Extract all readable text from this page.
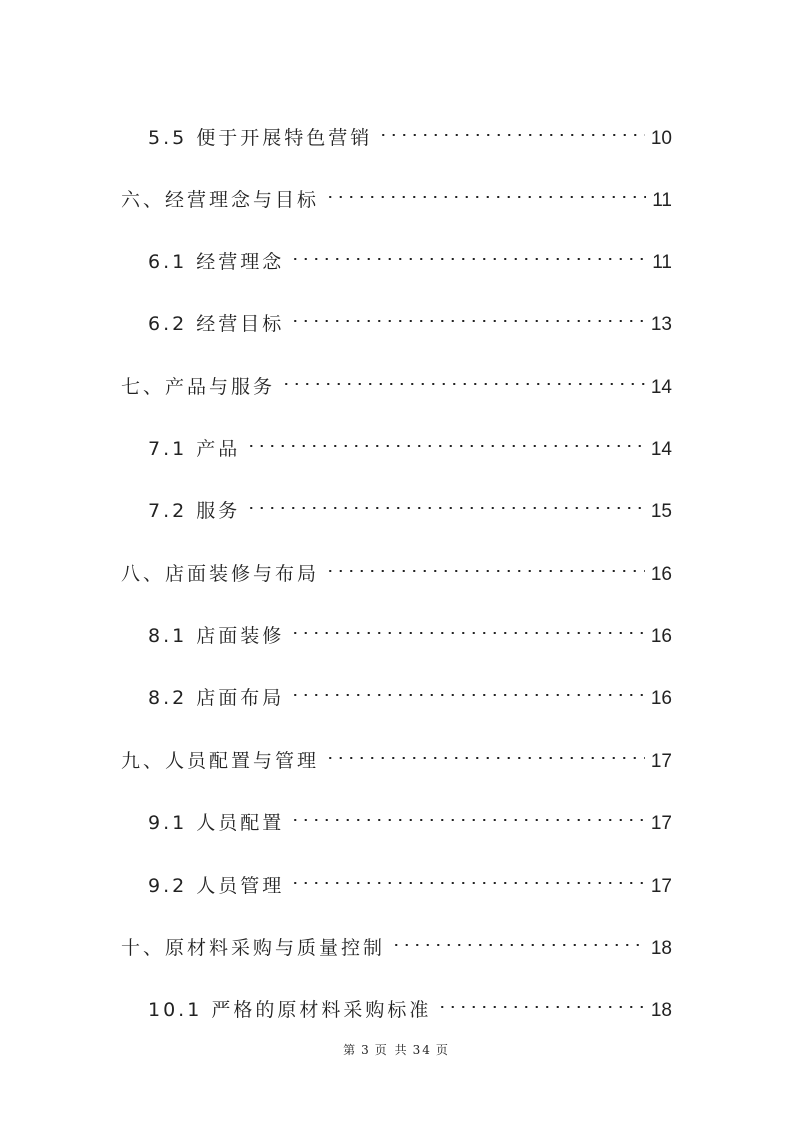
5.5 便于开展特色营销	10
六、经营理念与目标	11
6.1 经营理念	11
6.2 经营目标	13
七、产品与服务	14
7.1 产品	14
7.2 服务	15
八、店面装修与布局	16
8.1 店面装修	16
8.2 店面布局	16
九、人员配置与管理	17
9.1 人员配置	17
9.2 人员管理	17
十、原材料采购与质量控制	18
10.1 严格的原材料采购标准	18
第 3 页 共 34 页
